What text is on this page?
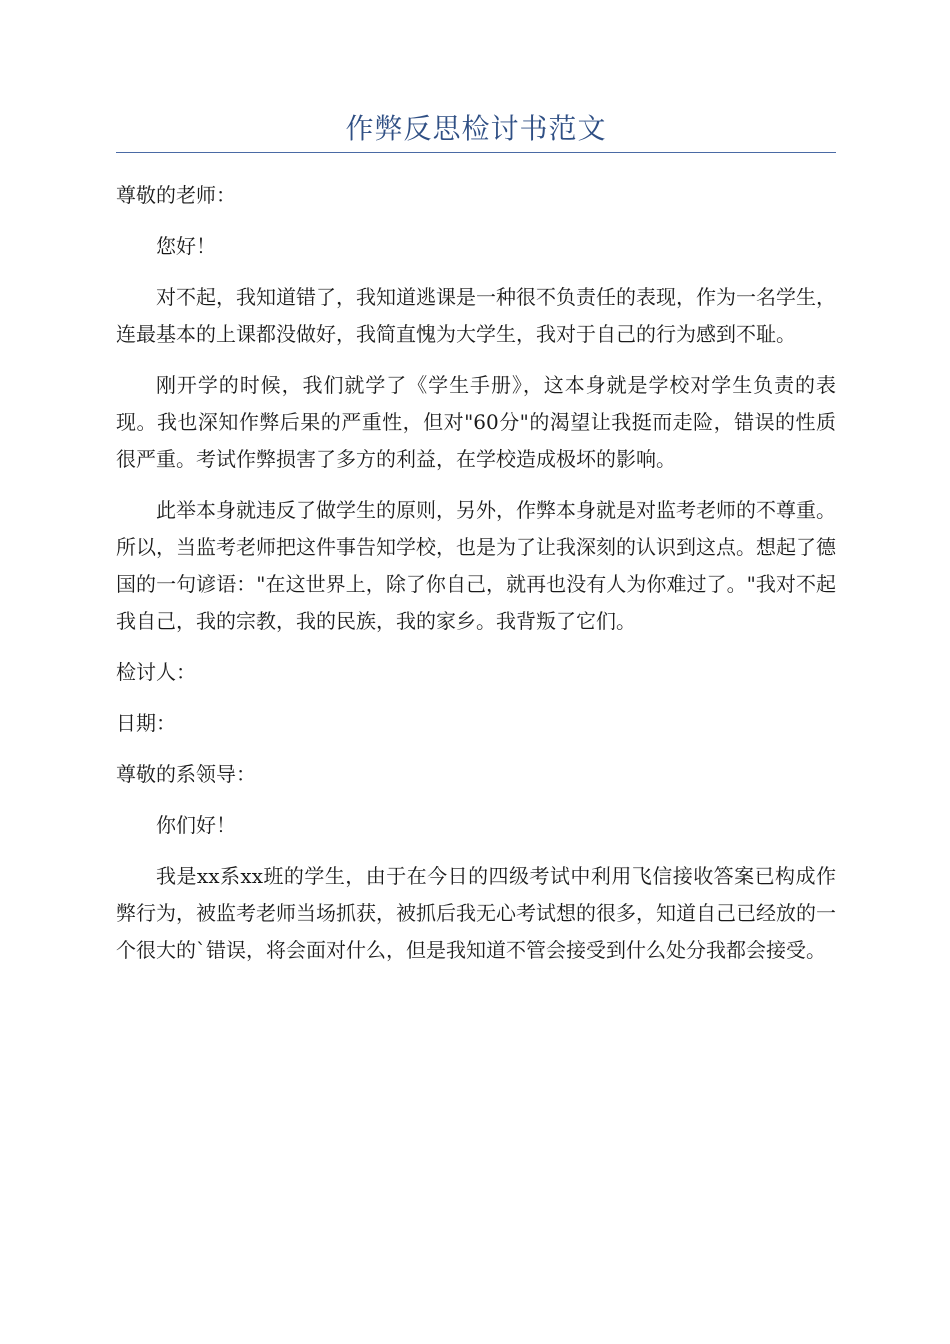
作弊反思检讨书范文

尊敬的老师：

您好！

对不起，我知道错了，我知道逃课是一种很不负责任的表现，作为一名学生，连最基本的上课都没做好，我简直愧为大学生，我对于自己的行为感到不耻。

刚开学的时候，我们就学了《学生手册》，这本身就是学校对学生负责的表现。我也深知作弊后果的严重性，但对"60分"的渴望让我挺而走险，错误的性质很严重。考试作弊损害了多方的利益，在学校造成极坏的影响。

此举本身就违反了做学生的原则，另外，作弊本身就是对监考老师的不尊重。所以，当监考老师把这件事告知学校，也是为了让我深刻的认识到这点。想起了德国的一句谚语："在这世界上，除了你自己，就再也没有人为你难过了。"我对不起我自己，我的宗教，我的民族，我的家乡。我背叛了它们。

检讨人：

日期：

尊敬的系领导：

你们好！

我是xx系xx班的学生，由于在今日的四级考试中利用飞信接收答案已构成作弊行为，被监考老师当场抓获，被抓后我无心考试想的很多，知道自己已经放的一个很大的`错误，将会面对什么，但是我知道不管会接受到什么处分我都会接受。
